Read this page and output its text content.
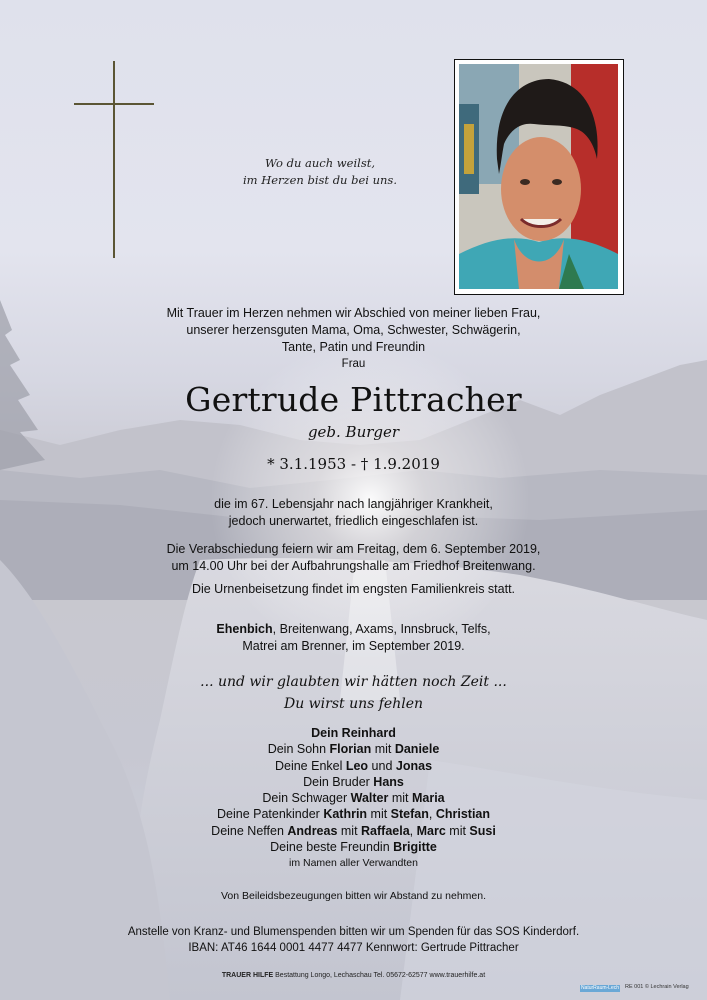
Wo du auch weilst,
im Herzen bist du bei uns.
Mit Trauer im Herzen nehmen wir Abschied von meiner lieben Frau,
unserer herzensguten Mama, Oma, Schwester, Schwägerin,
Tante, Patin und Freundin
Frau
Gertrude Pittracher
geb. Burger
* 3.1.1953 - † 1.9.2019
die im 67. Lebensjahr nach langjähriger Krankheit,
jedoch unerwartet, friedlich eingeschlafen ist.
Die Verabschiedung feiern wir am Freitag, dem 6. September 2019,
um 14.00 Uhr bei der Aufbahrungshalle am Friedhof Breitenwang.
Die Urnenbeisetzung findet im engsten Familienkreis statt.
Ehenbich, Breitenwang, Axams, Innsbruck, Telfs,
Matrei am Brenner, im September 2019.
... und wir glaubten wir hätten noch Zeit ...
Du wirst uns fehlen
Dein Reinhard
Dein Sohn Florian mit Daniele
Deine Enkel Leo und Jonas
Dein Bruder Hans
Dein Schwager Walter mit Maria
Deine Patenkinder Kathrin mit Stefan, Christian
Deine Neffen Andreas mit Raffaela, Marc mit Susi
Deine beste Freundin Brigitte
im Namen aller Verwandten
Von Beileidsbezeugungen bitten wir Abstand zu nehmen.
Anstelle von Kranz- und Blumenspenden bitten wir um Spenden für das SOS Kinderdorf.
IBAN: AT46 1644 0001 4477 4477 Kennwort: Gertrude Pittracher
TRAUER HILFE Bestattung Longo, Lechaschau Tel. 05672-62577 www.trauerhilfe.at
NaturRaum-Lech RE 001 © Lechrain Verlag
